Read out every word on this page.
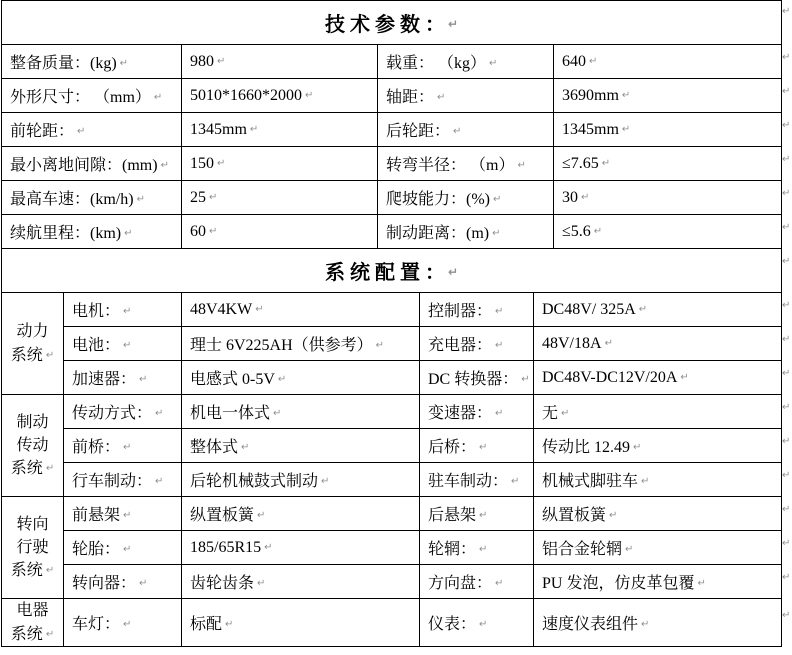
技 术 参 数 ： ↵			
整备质量：(kg) ↵	980 ↵	载重： （kg） ↵	640 ↵
外形尺寸： （mm） ↵	5010*1660*2000 ↵	轴距： ↵	3690mm ↵
前轮距： ↵	1345mm ↵	后轮距： ↵	1345mm ↵
最小离地间隙：(mm) ↵	150 ↵	转弯半径： （m） ↵	≤7.65 ↵
最高车速：(km/h) ↵	25 ↵	爬坡能力：(%) ↵	30 ↵
续航里程：(km) ↵	60 ↵	制动距离：(m) ↵	≤5.6 ↵
系 统 配 置 ： ↵				
动力
系统 ↵	电机： ↵	48V4KW ↵	控制器： ↵	DC48V/ 325A ↵
	电池： ↵	理士 6V225AH（供参考） ↵	充电器： ↵	48V/18A ↵
	加速器： ↵	电感式 0-5V ↵	DC 转换器： ↵	DC48V-DC12V/20A ↵
制动
传动
系统 ↵	传动方式： ↵	机电一体式 ↵	变速器： ↵	无 ↵
	前桥： ↵	整体式 ↵	后桥： ↵	传动比 12.49 ↵
	行车制动： ↵	后轮机械鼓式制动 ↵	驻车制动： ↵	机械式脚驻车 ↵
转向
行驶
系统 ↵	前悬架 ↵	纵置板簧 ↵	后悬架 ↵	纵置板簧 ↵
	轮胎： ↵	185/65R15 ↵	轮辋： ↵	铝合金轮辋 ↵
	转向器： ↵	齿轮齿条 ↵	方向盘： ↵	PU 发泡，仿皮革包覆 ↵
电器
系统 ↵	车灯： ↵	标配 ↵	仪表： ↵	速度仪表组件 ↵
↵
↵
↵
↵
↵
↵
↵
↵
↵
↵
↵
↵
↵
↵
↵
↵
↵
↵
